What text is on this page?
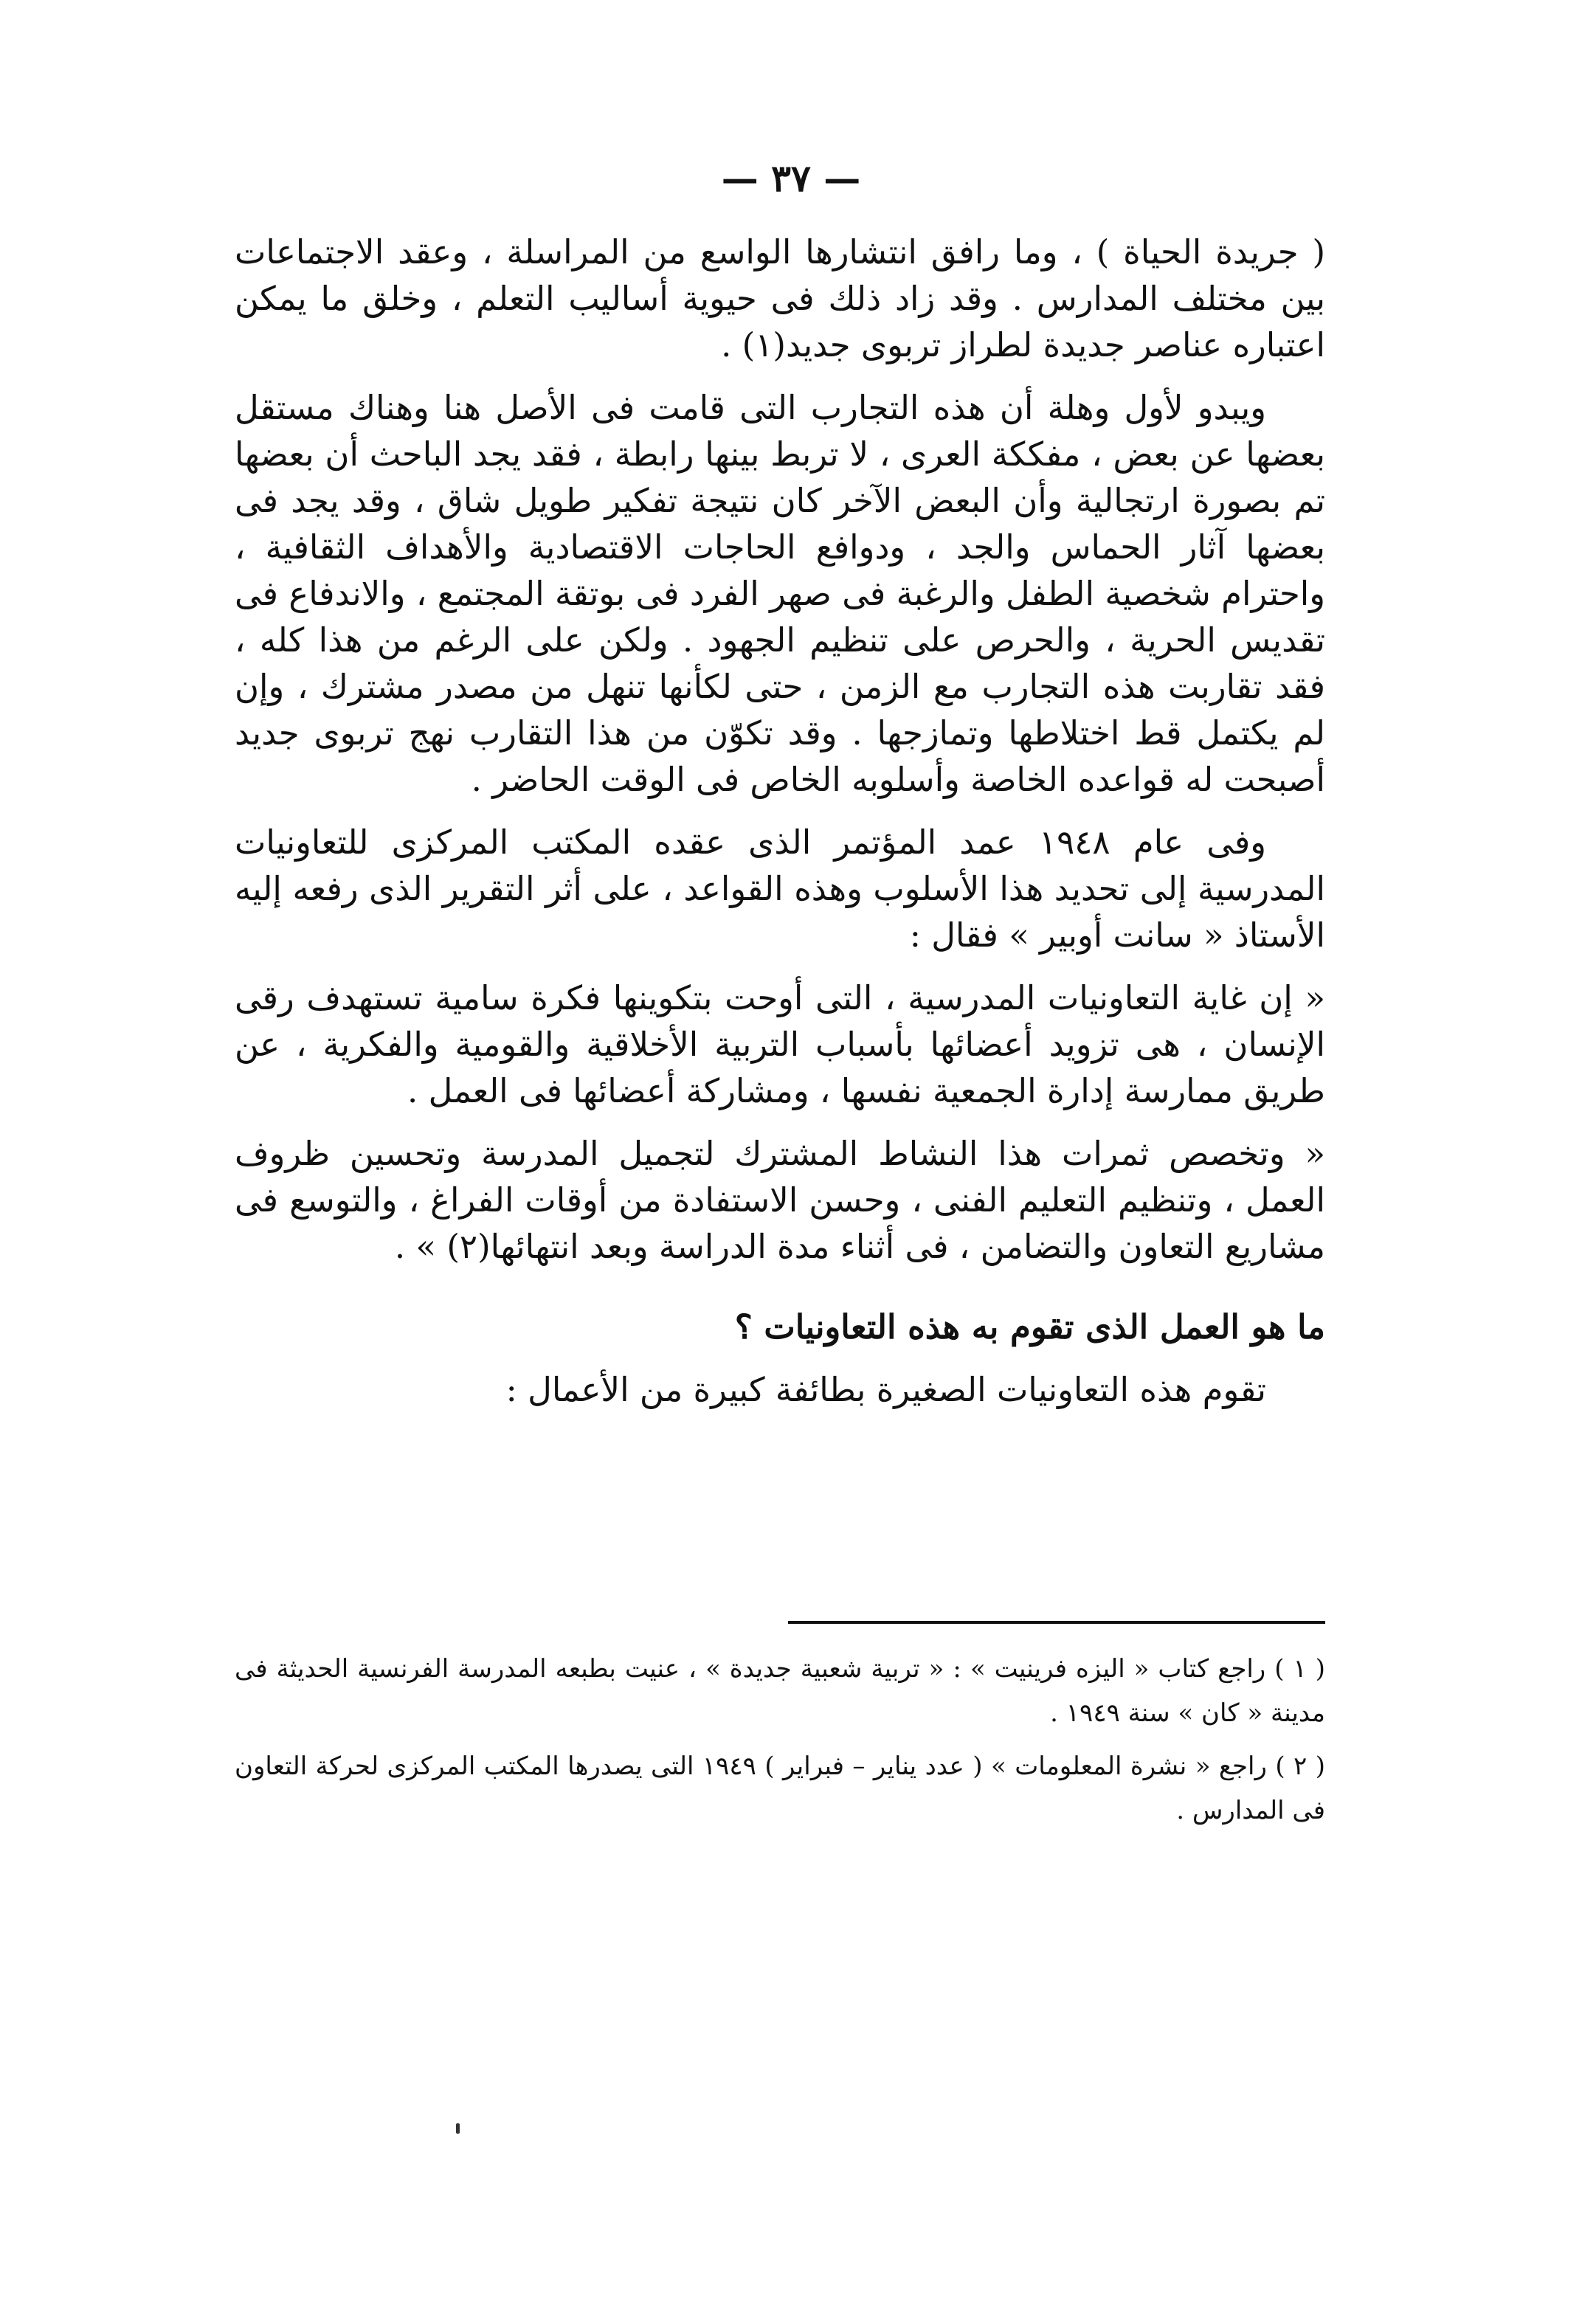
— ٣٧ —

( جريدة الحياة ) ، وما رافق انتشارها الواسع من المراسلة ، وعقد الاجتماعات بين مختلف المدارس . وقد زاد ذلك فى حيوية أساليب التعلم ، وخلق ما يمكن اعتباره عناصر جديدة لطراز تربوى جديد(١) .

ويبدو لأول وهلة أن هذه التجارب التى قامت فى الأصل هنا وهناك مستقل بعضها عن بعض ، مفككة العرى ، لا تربط بينها رابطة ، فقد يجد الباحث أن بعضها تم بصورة ارتجالية وأن البعض الآخر كان نتيجة تفكير طويل شاق ، وقد يجد فى بعضها آثار الحماس والجد ، ودوافع الحاجات الاقتصادية والأهداف الثقافية ، واحترام شخصية الطفل والرغبة فى صهر الفرد فى بوتقة المجتمع ، والاندفاع فى تقديس الحرية ، والحرص على تنظيم الجهود . ولكن على الرغم من هذا كله ، فقد تقاربت هذه التجارب مع الزمن ، حتى لكأنها تنهل من مصدر مشترك ، وإن لم يكتمل قط اختلاطها وتمازجها . وقد تكوّن من هذا التقارب نهج تربوى جديد أصبحت له قواعده الخاصة وأسلوبه الخاص فى الوقت الحاضر .

وفى عام ١٩٤٨ عمد المؤتمر الذى عقده المكتب المركزى للتعاونيات المدرسية إلى تحديد هذا الأسلوب وهذه القواعد ، على أثر التقرير الذى رفعه إليه الأستاذ « سانت أوبير » فقال :

« إن غاية التعاونيات المدرسية ، التى أوحت بتكوينها فكرة سامية تستهدف رقى الإنسان ، هى تزويد أعضائها بأسباب التربية الأخلاقية والقومية والفكرية ، عن طريق ممارسة إدارة الجمعية نفسها ، ومشاركة أعضائها فى العمل .

« وتخصص ثمرات هذا النشاط المشترك لتجميل المدرسة وتحسين ظروف العمل ، وتنظيم التعليم الفنى ، وحسن الاستفادة من أوقات الفراغ ، والتوسع فى مشاريع التعاون والتضامن ، فى أثناء مدة الدراسة وبعد انتهائها(٢) » .

ما هو العمل الذى تقوم به هذه التعاونيات ؟

تقوم هذه التعاونيات الصغيرة بطائفة كبيرة من الأعمال :

( ١ ) راجع كتاب « اليزه فرينيت » : « تربية شعبية جديدة » ، عنيت بطبعه المدرسة الفرنسية الحديثة فى مدينة « كان » سنة ١٩٤٩ .

( ٢ ) راجع « نشرة المعلومات » ( عدد يناير – فبراير ) ١٩٤٩ التى يصدرها المكتب المركزى لحركة التعاون فى المدارس .
